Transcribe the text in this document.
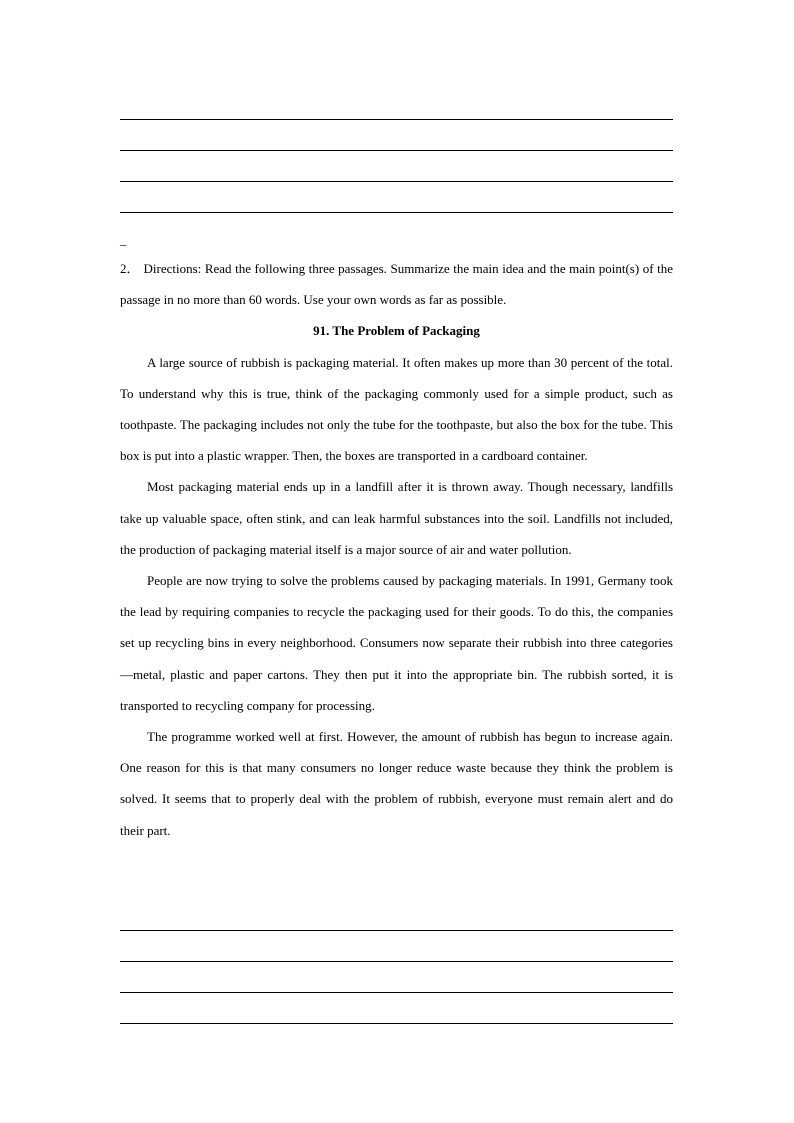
_

2． Directions: Read the following three passages. Summarize the main idea and the main point(s) of the passage in no more than 60 words. Use your own words as far as possible.

91. The Problem of Packaging

A large source of rubbish is packaging material. It often makes up more than 30 percent of the total. To understand why this is true, think of the packaging commonly used for a simple product, such as toothpaste. The packaging includes not only the tube for the toothpaste, but also the box for the tube. This box is put into a plastic wrapper. Then, the boxes are transported in a cardboard container.

Most packaging material ends up in a landfill after it is thrown away. Though necessary, landfills take up valuable space, often stink, and can leak harmful substances into the soil. Landfills not included, the production of packaging material itself is a major source of air and water pollution.

People are now trying to solve the problems caused by packaging materials. In 1991, Germany took the lead by requiring companies to recycle the packaging used for their goods. To do this, the companies set up recycling bins in every neighborhood. Consumers now separate their rubbish into three categories—metal, plastic and paper cartons. They then put it into the appropriate bin. The rubbish sorted, it is transported to recycling company for processing.

The programme worked well at first. However, the amount of rubbish has begun to increase again. One reason for this is that many consumers no longer reduce waste because they think the problem is solved. It seems that to properly deal with the problem of rubbish, everyone must remain alert and do their part.
